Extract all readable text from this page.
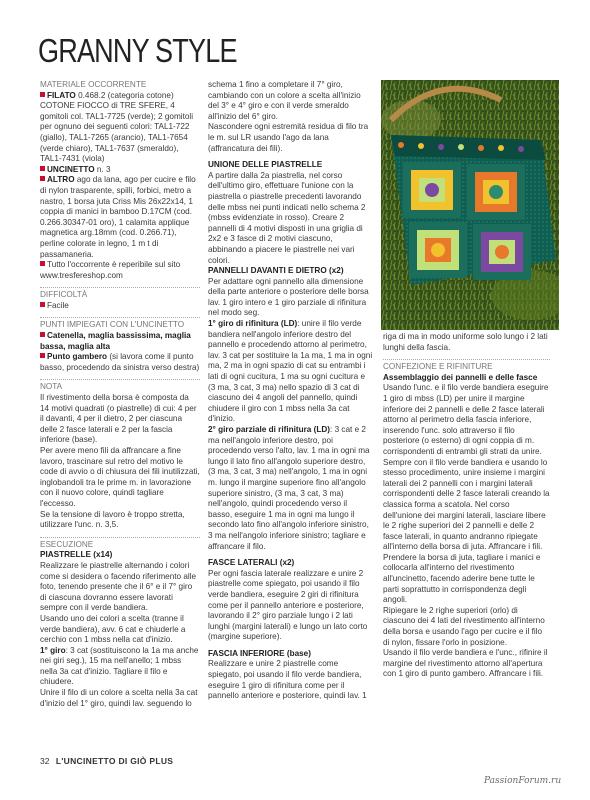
GRANNY STYLE
MATERIALE OCCORRENTE

FILATO 0.468.2 (categoria cotone) COTONE FIOCCO di TRE SFERE, 4 gomitoli col. TAL1-7725 (verde); 2 gomitoli per ognuno dei seguenti colori: TAL1-722 (giallo), TAL1-7265 (arancio), TAL1-7654 (verde chiaro), TAL1-7637 (smeraldo), TAL1-7431 (viola)

UNCINETTO n. 3

ALTRO ago da lana, ago per cucire e filo di nylon trasparente, spilli, forbici, metro a nastro, 1 borsa juta Criss Mis 26x22x14, 1 coppia di manici in bamboo D.17CM (cod. 0.266.30347-01 oro), 1 calamita applique magnetica arg.18mm (cod. 0.266.71), perline colorate in legno, 1 m t di passamaneria.

Tutto l'occorrente è reperibile sul sito www.tresfereshop.com

DIFFICOLTÀ

Facile

PUNTI IMPIEGATI CON L'UNCINETTO

Catenella, maglia bassissima, maglia bassa, maglia alta

Punto gambero (si lavora come il punto basso, procedendo da sinistra verso destra)

NOTA

Il rivestimento della borsa è composta da 14 motivi quadrati (o piastrelle) di cui: 4 per il davanti, 4 per il dietro, 2 per ciascuna delle 2 fasce laterali e 2 per la fascia inferiore (base).

Per avere meno fili da affrancare a fine lavoro, trascinare sul retro del motivo le code di avvio o di chiusura dei fili inutilizzati, inglobandoli tra le prime m. in lavorazione con il nuovo colore, quindi tagliare l'eccesso.

Se la tensione di lavoro è troppo stretta, utilizzare l'unc. n. 3,5.

ESECUZIONE

PIASTRELLE (x14)

Realizzare le piastrelle alternando i colori come si desidera o facendo riferimento alle foto, tenendo presente che il 6° e il 7° giro di ciascuna dovranno essere lavorati sempre con il verde bandiera.

Usando uno dei colori a scelta (tranne il verde bandiera), avv. 6 cat e chiuderle a cerchio con 1 mbss nella cat d'inizio.

1° giro: 3 cat (sostituiscono la 1a ma anche nei giri seg.), 15 ma nell'anello; 1 mbss nella 3a cat d'inizio. Tagliare il filo e chiudere.

Unire il filo di un colore a scelta nella 3a cat d'inizio del 1° giro, quindi lav. seguendo lo

schema 1 fino a completare il 7° giro, cambiando con un colore a scelta all'inizio del 3° e 4° giro e con il verde smeraldo all'inizio del 6° giro.

Nascondere ogni estremità residua di filo tra le m. sul LR usando l'ago da lana (affrancatura dei fili).

UNIONE DELLE PIASTRELLE

A partire dalla 2a piastrella, nel corso dell'ultimo giro, effettuare l'unione con la piastrella o piastrelle precedenti lavorando delle mbss nei punti indicati nello schema 2 (mbss evidenziate in rosso). Creare 2 pannelli di 4 motivi disposti in una griglia di 2x2 e 3 fasce di 2 motivi ciascuno, abbinando a piacere le piastrelle nei vari colori.

PANNELLI DAVANTI E DIETRO (x2)

Per adattare ogni pannello alla dimensione della parte anteriore o posteriore delle borsa lav. 1 giro intero e 1 giro parziale di rifinitura nel modo seg.

1° giro di rifinitura (LD): unire il filo verde bandiera nell'angolo inferiore destro del pannello e procedendo attorno al perimetro, lav. 3 cat per sostituire la 1a ma, 1 ma in ogni ma, 2 ma in ogni spazio di cat su entrambi i lati di ogni cucitura, 1 ma su ogni cucitura e (3 ma, 3 cat, 3 ma) nello spazio di 3 cat di ciascuno dei 4 angoli del pannello, quindi chiudere il giro con 1 mbss nella 3a cat d'inizio.

2° giro parziale di rifinitura (LD): 3 cat e 2 ma nell'angolo inferiore destro, poi procedendo verso l'alto, lav. 1 ma in ogni ma lungo il lato fino all'angolo superiore destro, (3 ma, 3 cat, 3 ma) nell'angolo, 1 ma in ogni m. lungo il margine superiore fino all'angolo superiore sinistro, (3 ma, 3 cat, 3 ma) nell'angolo, quindi procedendo verso il basso, eseguire 1 ma in ogni ma lungo il secondo lato fino all'angolo inferiore sinistro, 3 ma nell'angolo inferiore sinistro; tagliare e affrancare il filo.

FASCE LATERALI (x2)

Per ogni fascia laterale realizzare e unire 2 piastrelle come spiegato, poi usando il filo verde bandiera, eseguire 2 giri di rifinitura come per il pannello anteriore e posteriore, lavorando il 2° giro parziale lungo i 2 lati lunghi (margini laterali) e lungo un lato corto (margine superiore).

FASCIA INFERIORE (base)

Realizzare e unire 2 piastrelle come spiegato, poi usando il filo verde bandiera, eseguire 1 giro di rifinitura come per il pannello anteriore e posteriore, quindi lav. 1

riga di ma in modo uniforme solo lungo i 2 lati lunghi della fascia.

CONFEZIONE E RIFINITURE

Assemblaggio dei pannelli e delle fasce

Usando l'unc. e il filo verde bandiera eseguire 1 giro di mbss (LD) per unire il margine inferiore dei 2 pannelli e delle 2 fasce laterali attorno al perimetro della fascia inferiore, inserendo l'unc. solo attraverso il filo posteriore (o esterno) di ogni coppia di m. corrispondenti di entrambi gli strati da unire.

Sempre con il filo verde bandiera e usando lo stesso procedimento, unire insieme i margini laterali dei 2 pannelli con i margini laterali corrispondenti delle 2 fasce laterali creando la classica forma a scatola. Nel corso dell'unione dei margini laterali, lasciare libere le 2 righe superiori dei 2 pannelli e delle 2 fasce laterali, in quanto andranno ripiegate all'interno della borsa di juta. Affrancare i fili.

Prendere la borsa di juta, tagliare i manici e collocarla all'interno del rivestimento all'uncinetto, facendo aderire bene tutte le parti soprattutto in corrispondenza degli angoli.

Ripiegare le 2 righe superiori (orlo) di ciascuno dei 4 lati del rivestimento all'interno della borsa e usando l'ago per cucire e il filo di nylon, fissare l'orlo in posizione.

Usando il filo verde bandiera e l'unc., rifinire il margine del rivestimento attorno all'apertura con 1 giro di punto gambero. Affrancare i fili.

32 L'UNCINETTO DI GIÒ PLUS
PassionForum.ru
